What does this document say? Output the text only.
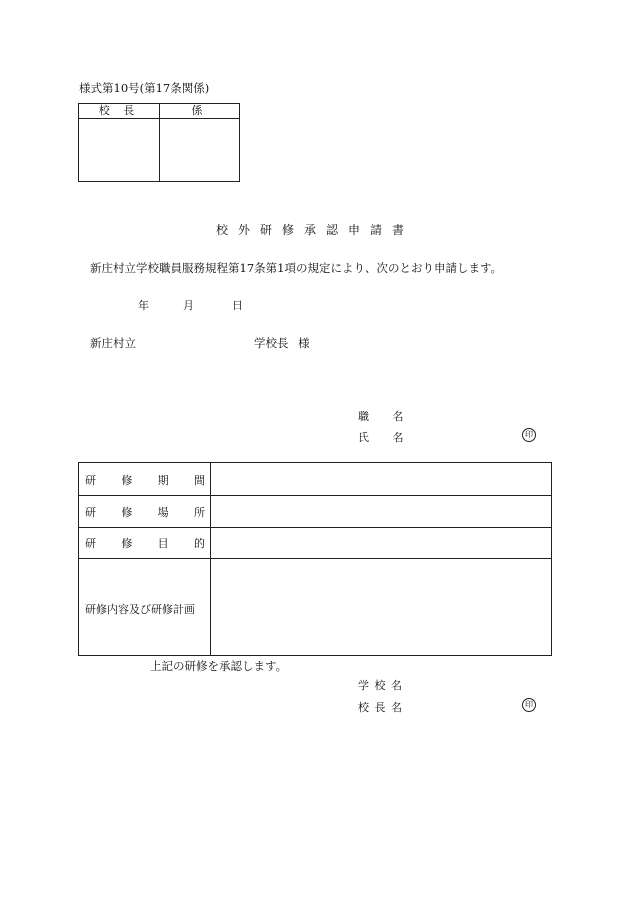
様式第10号(第17条関係)
校 長	係
校外研修承認申請書
新庄村立学校職員服務規程第17条第1項の規定により、次のとおり申請します。
年	月	日
新庄村立	学校長 様
職 名
氏 名	印
研修期間
研修場所
研修目的
研修内容及び研修計画
上記の研修を承認します。
学 校 名
校 長 名	印
